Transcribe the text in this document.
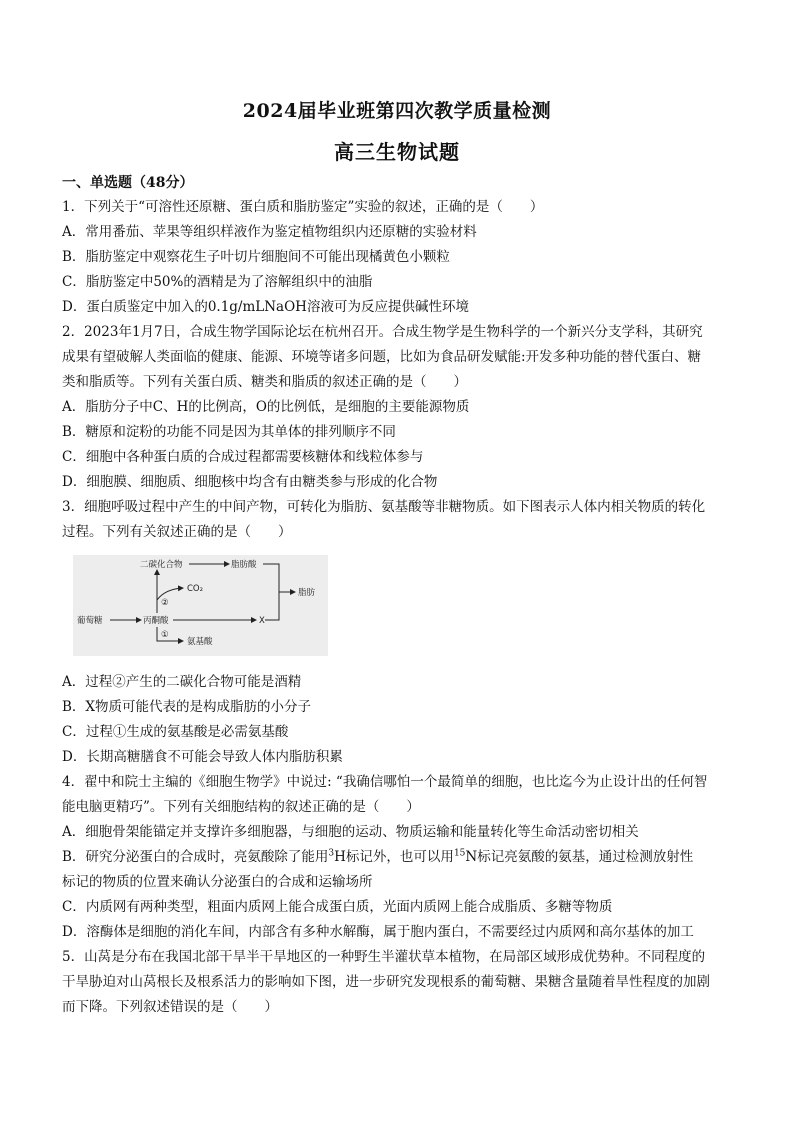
2024届毕业班第四次教学质量检测
高三生物试题
一、单选题（48分）
1．下列关于“可溶性还原糖、蛋白质和脂肪鉴定”实验的叙述，正确的是（　　）
A．常用番茄、苹果等组织样液作为鉴定植物组织内还原糖的实验材料
B．脂肪鉴定中观察花生子叶切片细胞间不可能出现橘黄色小颗粒
C．脂肪鉴定中50%的酒精是为了溶解组织中的油脂
D．蛋白质鉴定中加入的0.1g/mLNaOH溶液可为反应提供碱性环境
2．2023年1月7日，合成生物学国际论坛在杭州召开。合成生物学是生物科学的一个新兴分支学科，其研究
成果有望破解人类面临的健康、能源、环境等诸多问题，比如为食品研发赋能:开发多种功能的替代蛋白、糖
类和脂质等。下列有关蛋白质、糖类和脂质的叙述正确的是（　　）
A．脂肪分子中C、H的比例高，O的比例低，是细胞的主要能源物质
B．糖原和淀粉的功能不同是因为其单体的排列顺序不同
C．细胞中各种蛋白质的合成过程都需要核糖体和线粒体参与
D．细胞膜、细胞质、细胞核中均含有由糖类参与形成的化合物
3．细胞呼吸过程中产生的中间产物，可转化为脂肪、氨基酸等非糖物质。如下图表示人体内相关物质的转化
过程。下列有关叙述正确的是（　　）
葡萄糖	丙酮酸
二碳化合物	脂肪酸
脂肪
CO₂
X
氨基酸
②
①
A．过程②产生的二碳化合物可能是酒精
B．X物质可能代表的是构成脂肪的小分子
C．过程①生成的氨基酸是必需氨基酸
D．长期高糖膳食不可能会导致人体内脂肪积累
4．翟中和院士主编的《细胞生物学》中说过: “我确信哪怕一个最简单的细胞，也比迄今为止设计出的任何智
能电脑更精巧”。下列有关细胞结构的叙述正确的是（　　）
A．细胞骨架能锚定并支撑许多细胞器，与细胞的运动、物质运输和能量转化等生命活动密切相关
B．研究分泌蛋白的合成时，亮氨酸除了能用$^3$H标记外，也可以用$^{15}$N标记亮氨酸的氨基，通过检测放射性
标记的物质的位置来确认分泌蛋白的合成和运输场所
C．内质网有两种类型，粗面内质网上能合成蛋白质，光面内质网上能合成脂质、多糖等物质
D．溶酶体是细胞的消化车间，内部含有多种水解酶，属于胞内蛋白，不需要经过内质网和高尔基体的加工
5．山莴是分布在我国北部干旱半干旱地区的一种野生半灌状草本植物，在局部区域形成优势种。不同程度的
干旱胁迫对山莴根长及根系活力的影响如下图，进一步研究发现根系的葡萄糖、果糖含量随着旱性程度的加剧
而下降。下列叙述错误的是（　　）
